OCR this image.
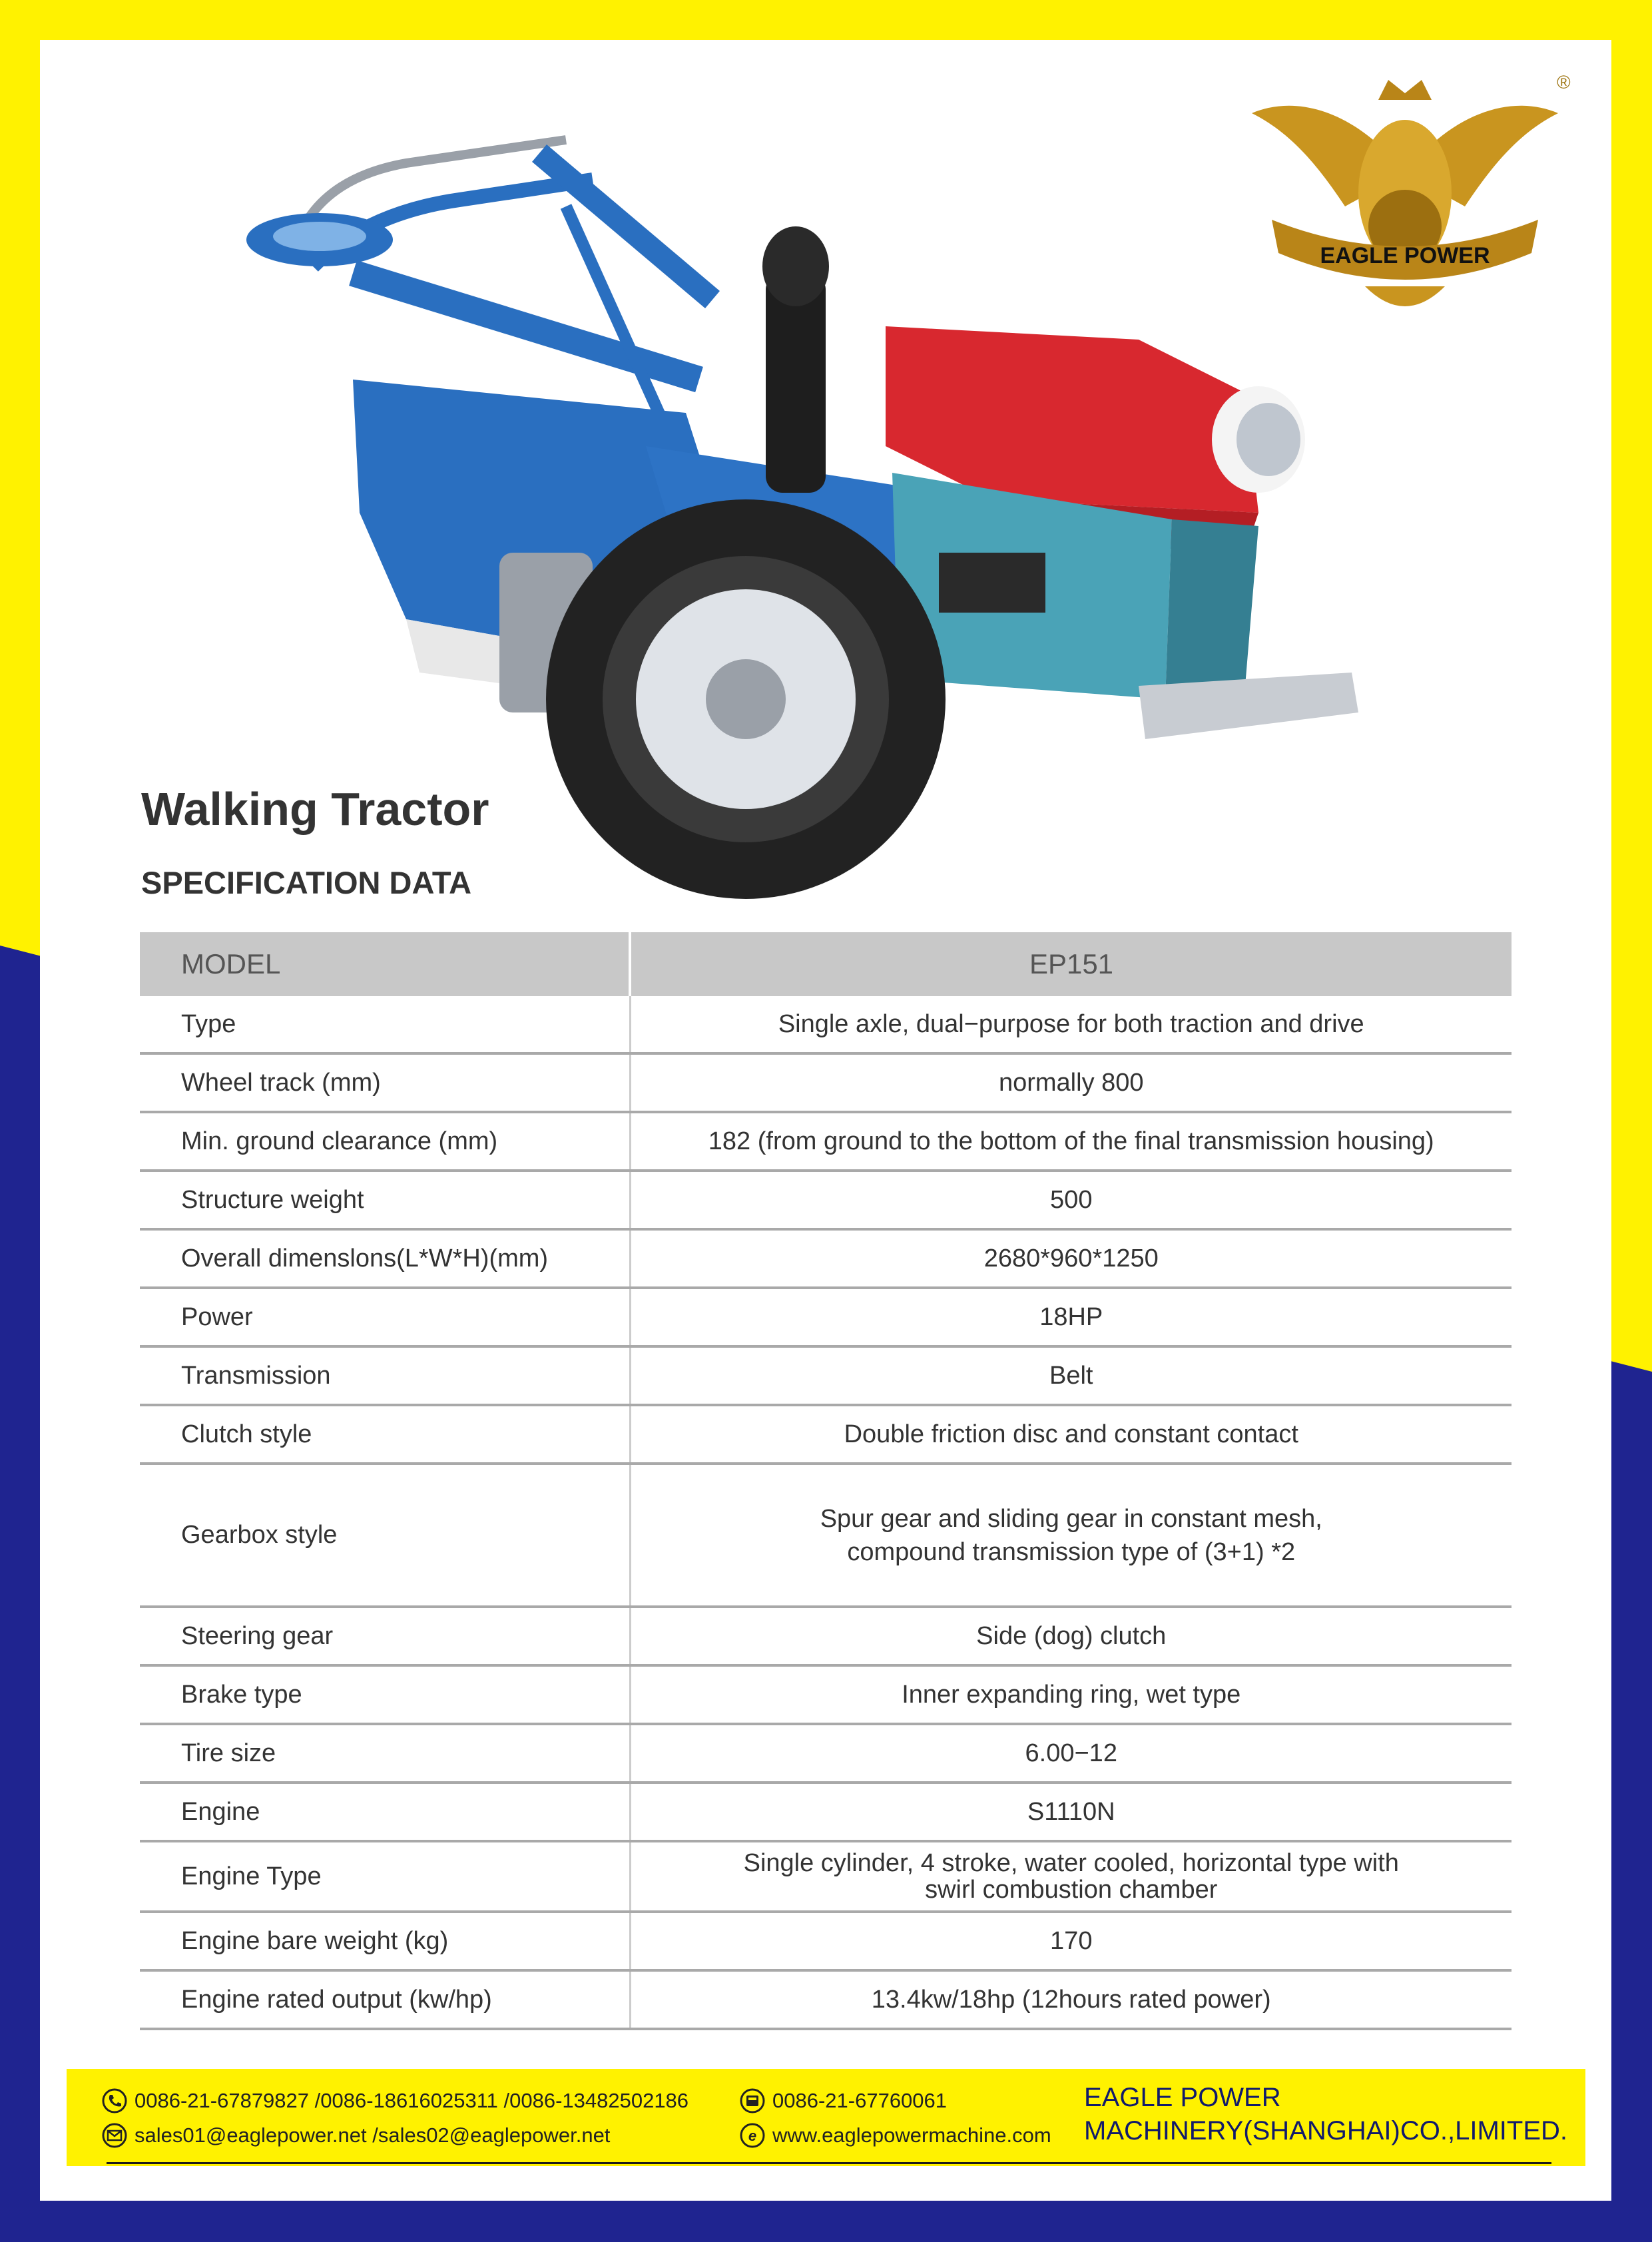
EAGLE POWER
®
Walking Tractor
SPECIFICATION DATA
MODEL	EP151
Type	Single axle, dual−purpose for both traction and drive
Wheel track (mm)	normally 800
Min. ground clearance (mm)	182 (from ground to the bottom of the final transmission housing)
Structure weight	500
Overall dimenslons(L*W*H)(mm)	2680*960*1250
Power	18HP
Transmission	Belt
Clutch style	Double friction disc and constant contact
Gearbox style	Spur gear and sliding gear in constant mesh,
compound transmission type of (3+1) *2

Steering gear	Side (dog) clutch
Brake type	Inner expanding ring, wet type
Tire size	6.00−12
Engine	S1110N
Engine Type	Single cylinder, 4 stroke, water cooled, horizontal type with
swirl combustion chamber

Engine bare weight (kg)	170
Engine rated output (kw/hp)	13.4kw/18hp (12hours rated power)
0086-21-67879827 /0086-18616025311 /0086-13482502186
sales01@eaglepower.net /sales02@eaglepower.net
0086-21-67760061
e www.eaglepowermachine.com
EAGLE POWER
MACHINERY(SHANGHAI)CO.,LIMITED.
